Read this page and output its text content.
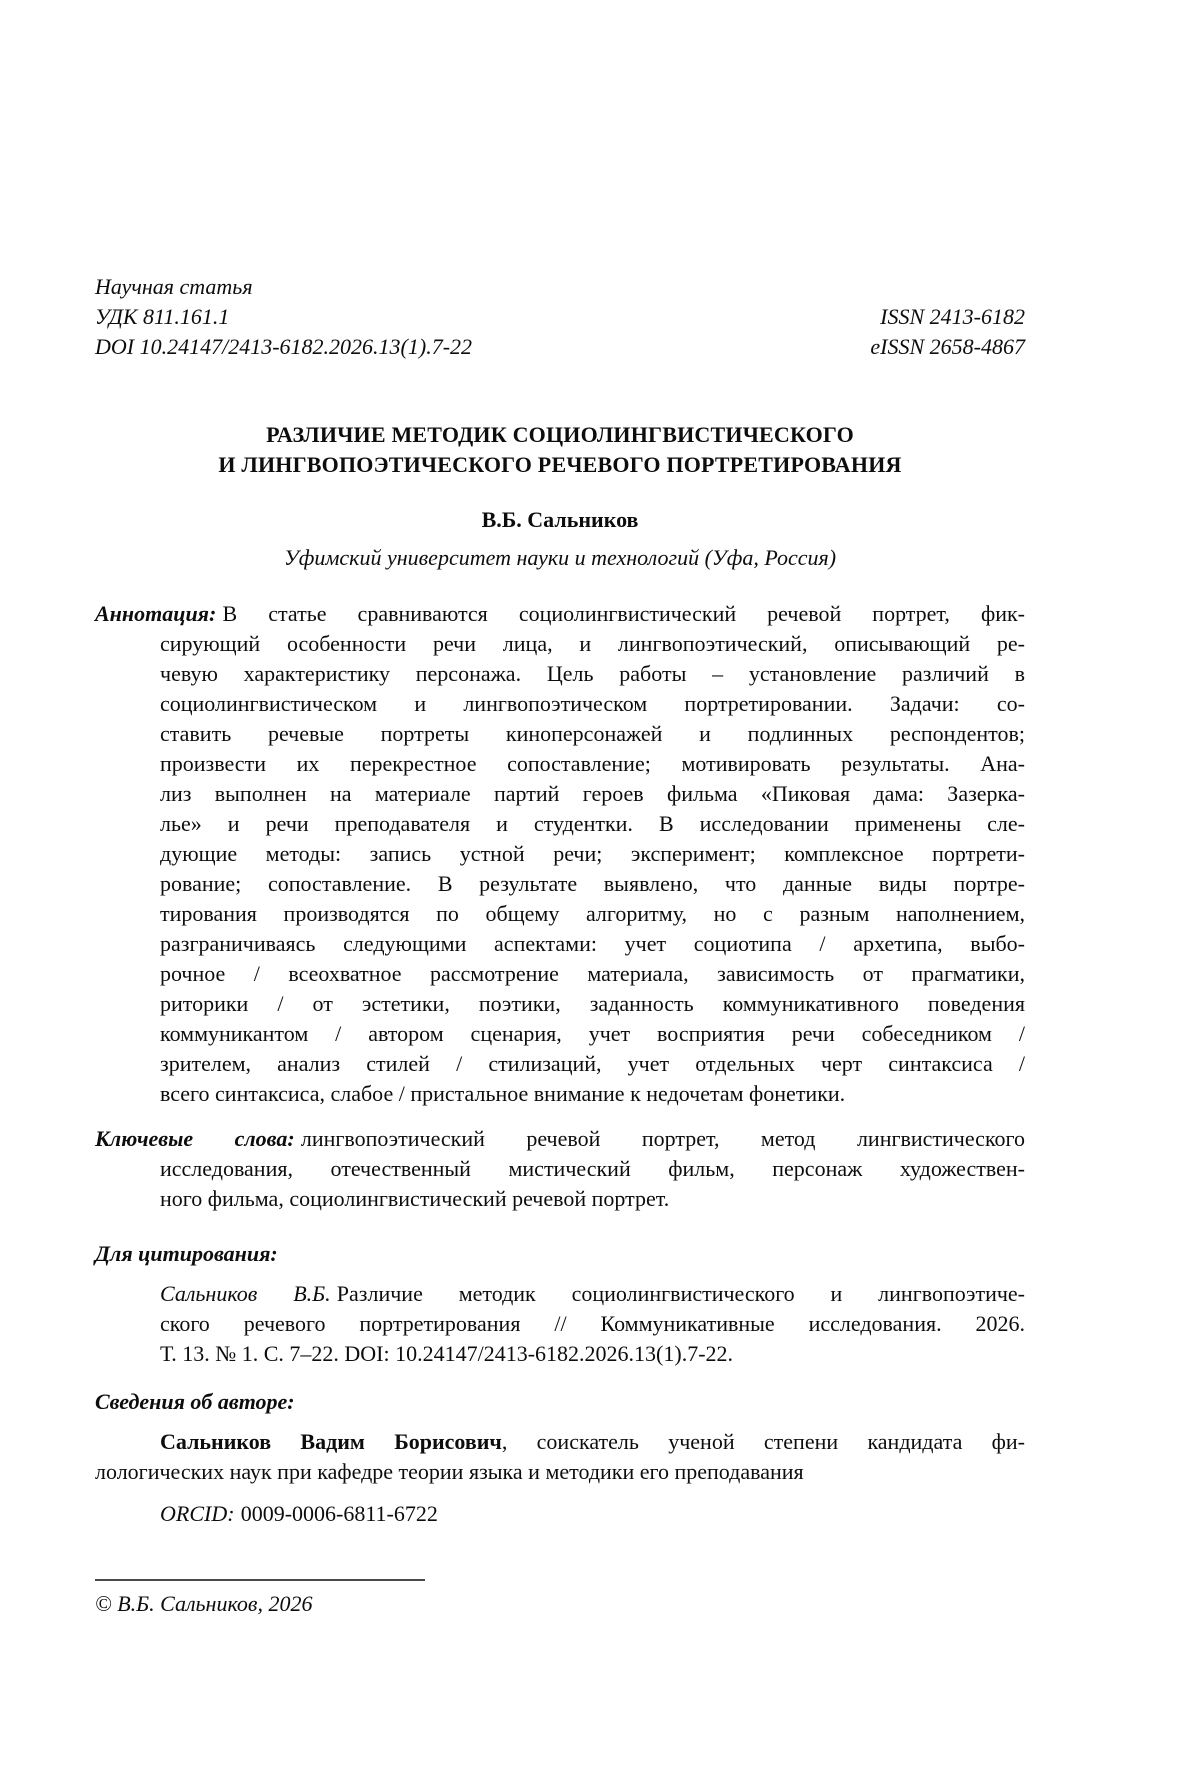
Научная статья
УДК 811.161.1	ISSN 2413-6182
DOI 10.24147/2413-6182.2026.13(1).7-22	eISSN 2658-4867
РАЗЛИЧИЕ МЕТОДИК СОЦИОЛИНГВИСТИЧЕСКОГО
И ЛИНГВОПОЭТИЧЕСКОГО РЕЧЕВОГО ПОРТРЕТИРОВАНИЯ
В.Б. Сальников
Уфимский университет науки и технологий (Уфа, Россия)
Аннотация: В статье сравниваются социолингвистический речевой портрет, фик-
сирующий особенности речи лица, и лингвопоэтический, описывающий ре-
чевую характеристику персонажа. Цель работы – установление различий в
социолингвистическом и лингвопоэтическом портретировании. Задачи: со-
ставить речевые портреты киноперсонажей и подлинных респондентов;
произвести их перекрестное сопоставление; мотивировать результаты. Ана-
лиз выполнен на материале партий героев фильма «Пиковая дама: Зазерка-
лье» и речи преподавателя и студентки. В исследовании применены сле-
дующие методы: запись устной речи; эксперимент; комплексное портрети-
рование; сопоставление. В результате выявлено, что данные виды портре-
тирования производятся по общему алгоритму, но с разным наполнением,
разграничиваясь следующими аспектами: учет социотипа / архетипа, выбо-
рочное / всеохватное рассмотрение материала, зависимость от прагматики,
риторики / от эстетики, поэтики, заданность коммуникативного поведения
коммуникантом / автором сценария, учет восприятия речи собеседником /
зрителем, анализ стилей / стилизаций, учет отдельных черт синтаксиса /
всего синтаксиса, слабое / пристальное внимание к недочетам фонетики.
Ключевые слова: лингвопоэтический речевой портрет, метод лингвистического
исследования, отечественный мистический фильм, персонаж художествен-
ного фильма, социолингвистический речевой портрет.
Для цитирования:
Сальников В.Б. Различие методик социолингвистического и лингвопоэтиче-
ского речевого портретирования // Коммуникативные исследования. 2026.
Т. 13. № 1. С. 7–22. DOI: 10.24147/2413-6182.2026.13(1).7-22.
Сведения об авторе:
Сальников Вадим Борисович, соискатель ученой степени кандидата фи-
лологических наук при кафедре теории языка и методики его преподавания
ORCID: 0009-0006-6811-6722
© В.Б. Сальников, 2026
